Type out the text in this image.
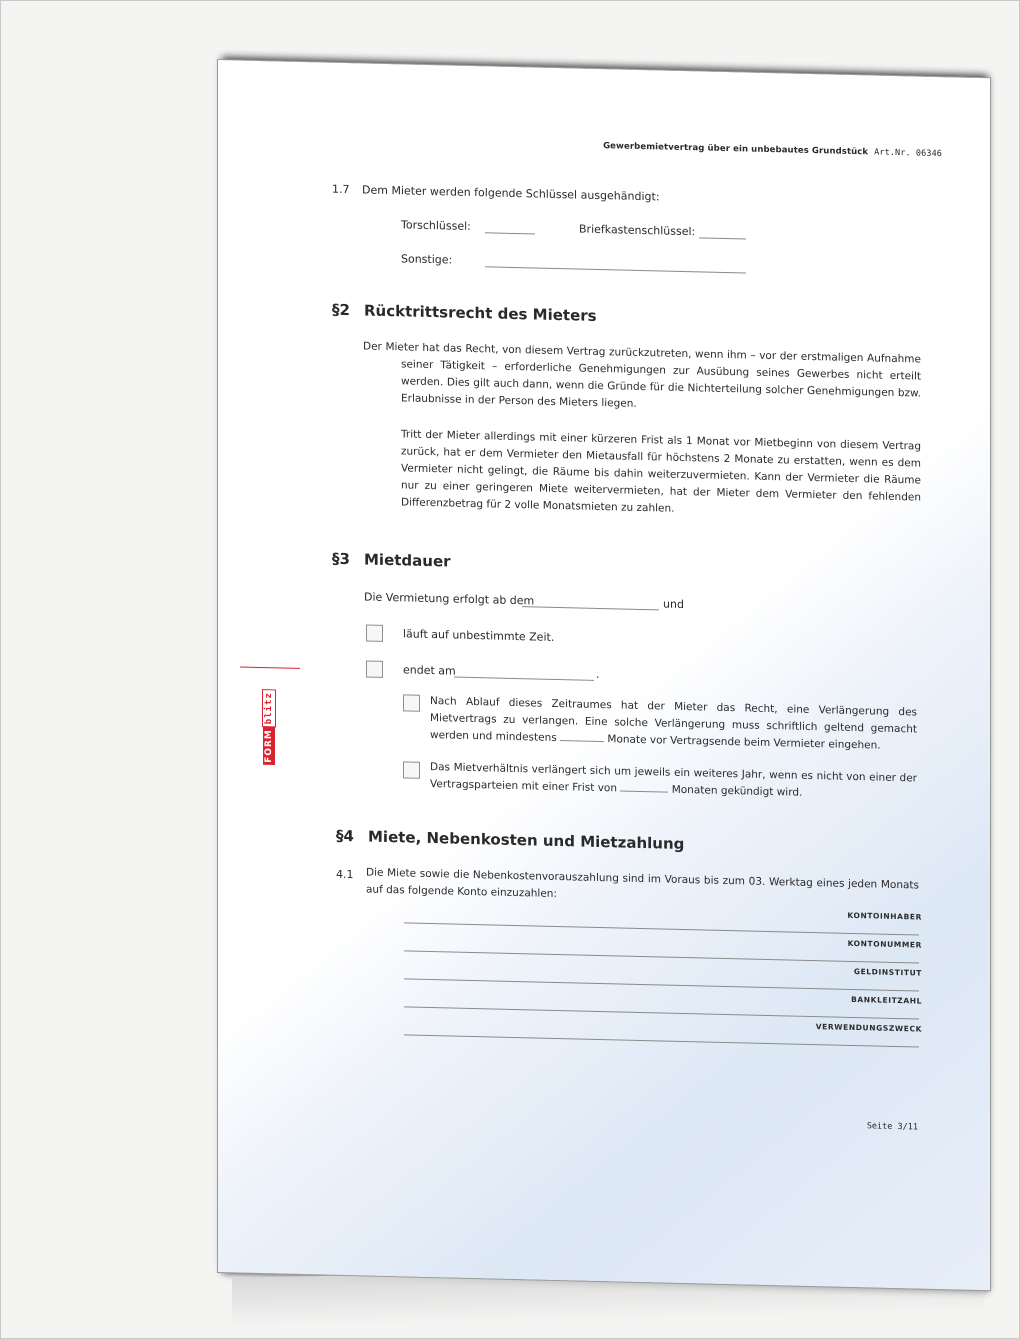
Gewerbemietvertrag über ein unbebautes Grundstück Art.Nr. 06346
1.7 Dem Mieter werden folgende Schlüssel ausgehändigt:
Torschlüssel:	Briefkastenschlüssel:
Sonstige:
§2 Rücktrittsrecht des Mieters
Der Mieter hat das Recht, von diesem Vertrag zurückzutreten, wenn ihm – vor der erstmaligen Aufnahme seiner Tätigkeit – erforderliche Genehmigungen zur Ausübung seines Gewerbes nicht erteilt werden. Dies gilt auch dann, wenn die Gründe für die Nichterteilung solcher Genehmigungen bzw. Erlaubnisse in der Person des Mieters liegen.
Tritt der Mieter allerdings mit einer kürzeren Frist als 1 Monat vor Mietbeginn von diesem Vertrag zurück, hat er dem Vermieter den Mietausfall für höchstens 2 Monate zu erstatten, wenn es dem Vermieter nicht gelingt, die Räume bis dahin weiterzuvermieten. Kann der Vermieter die Räume nur zu einer geringeren Miete weitervermieten, hat der Mieter dem Vermieter den fehlenden Differenzbetrag für 2 volle Monatsmieten zu zahlen.
§3 Mietdauer
Die Vermietung erfolgt ab dem	und
läuft auf unbestimmte Zeit.
endet am	.
Nach Ablauf dieses Zeitraumes hat der Mieter das Recht, eine Verlängerung des Mietvertrags zu verlangen. Eine solche Verlängerung muss schriftlich geltend gemacht werden und mindestens	Monate vor Vertragsende beim Vermieter eingehen.
Das Mietverhältnis verlängert sich um jeweils ein weiteres Jahr, wenn es nicht von einer der Vertragsparteien mit einer Frist von	Monaten gekündigt wird.
§4 Miete, Nebenkosten und Mietzahlung
4.1 Die Miete sowie die Nebenkostenvorauszahlung sind im Voraus bis zum 03. Werktag eines jeden Monats auf das folgende Konto einzuzahlen:
KONTOINHABER
KONTONUMMER
GELDINSTITUT
BANKLEITZAHL
VERWENDUNGSZWECK
Seite 3/11
FORM
blitz
